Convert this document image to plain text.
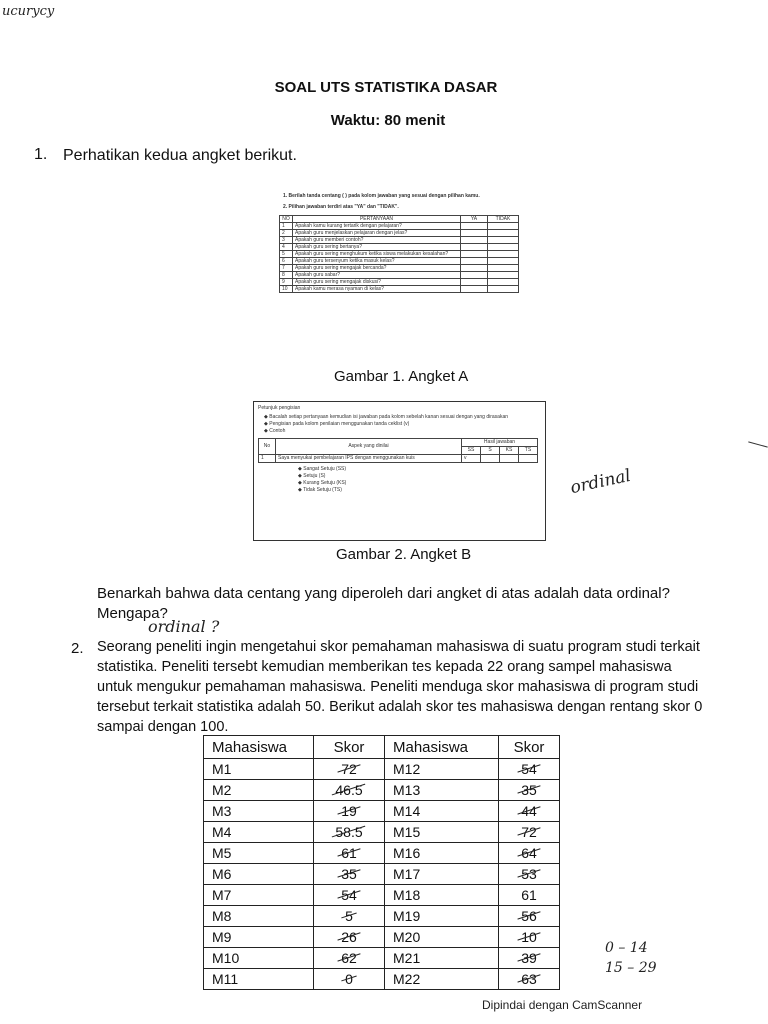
ucurycy
SOAL UTS STATISTIKA DASAR
Waktu: 80 menit
1. Perhatikan kedua angket berikut.
1. Berilah tanda centang ( ) pada kolom jawaban yang sesuai dengan pilihan kamu.
2. Pilihan jawaban terdiri atas "YA" dan "TIDAK".
NO	PERTANYAAN	YA	TIDAK
1	Apakah kamu kurang tertarik dengan pelajaran?		
2	Apakah guru menjelaskan pelajaran dengan jelas?		
3	Apakah guru memberi contoh?		
4	Apakah guru sering bertanya?		
5	Apakah guru sering menghukum ketika siswa melakukan kesalahan?		
6	Apakah guru tersenyum ketika masuk kelas?		
7	Apakah guru sering mengajak bercanda?		
8	Apakah guru sabar?		
9	Apakah guru sering mengajak diskusi?		
10	Apakah kamu merasa nyaman di kelas?		
Gambar 1. Angket A
Petunjuk pengisian
◆ Bacalah setiap pertanyaan kemudian isi jawaban pada kolom sebelah kanan sesuai dengan yang dirasakan
◆ Pengisian pada kolom penilaian menggunakan tanda ceklist (v)
◆ Contoh
No	Aspek yang dinilai	Hasil jawaban			
		SS	S	KS	TS
1	Saya menyukai pembelajaran IPS dengan menggunakan kuis	v			
◆ Sangat Setuju (SS)
◆ Setuju (S)
◆ Kurang Setuju (KS)
◆ Tidak Setuju (TS)
Gambar 2. Angket B
ordinal
Benarkah bahwa data centang yang diperoleh dari angket di atas adalah data ordinal? Mengapa?
ordinal ?
2. Seorang peneliti ingin mengetahui skor pemahaman mahasiswa di suatu program studi terkait statistika. Peneliti tersebt kemudian memberikan tes kepada 22 orang sampel mahasiswa untuk mengukur pemahaman mahasiswa. Peneliti menduga skor mahasiswa di program studi tersebut terkait statistika adalah 50. Berikut adalah skor tes mahasiswa dengan rentang skor 0 sampai dengan 100.
Mahasiswa	Skor	Mahasiswa	Skor
M1	72	M12	54
M2	46.5	M13	35
M3	19	M14	44
M4	58.5	M15	72
M5	61	M16	64
M6	35	M17	53
M7	54	M18	61
M8	5	M19	56
M9	26	M20	10
M10	62	M21	39
M11	0	M22	63
0 – 14
15 – 29
Dipindai dengan CamScanner
